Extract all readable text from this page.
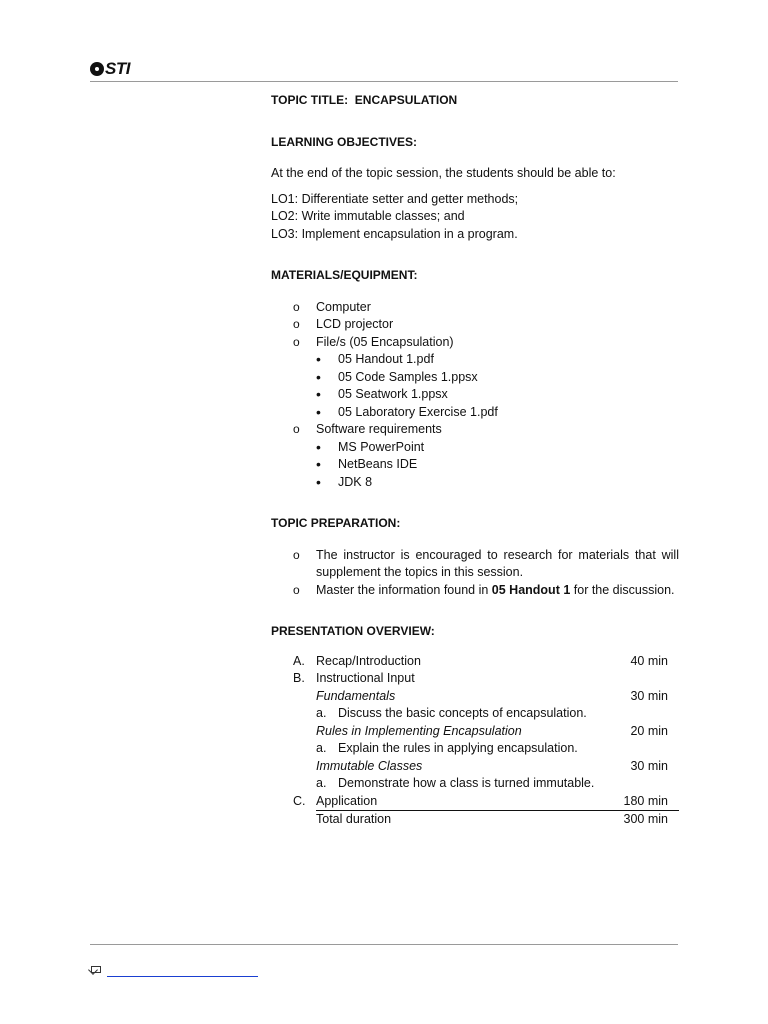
STI

TOPIC TITLE: ENCAPSULATION

LEARNING OBJECTIVES:

At the end of the topic session, the students should be able to:

LO1: Differentiate setter and getter methods;

LO2: Write immutable classes; and

LO3: Implement encapsulation in a program.

MATERIALS/EQUIPMENT:

o Computer
o LCD projector
o File/s (05 Encapsulation)
• 05 Handout 1.pdf
• 05 Code Samples 1.ppsx
• 05 Seatwork 1.ppsx
• 05 Laboratory Exercise 1.pdf
o Software requirements
• MS PowerPoint
• NetBeans IDE
• JDK 8

TOPIC PREPARATION:

o The instructor is encouraged to research for materials that will supplement the topics in this session.
o Master the information found in 05 Handout 1 for the discussion.

PRESENTATION OVERVIEW:

A.	Recap/Introduction	40 min
B.	Instructional Input	
	Fundamentals	30 min
	a. Discuss the basic concepts of encapsulation.	
	Rules in Implementing Encapsulation	20 min
	a. Explain the rules in applying encapsulation.	
	Immutable Classes	30 min
	a. Demonstrate how a class is turned immutable.	
C.	Application	180 min
	Total duration	300 min
